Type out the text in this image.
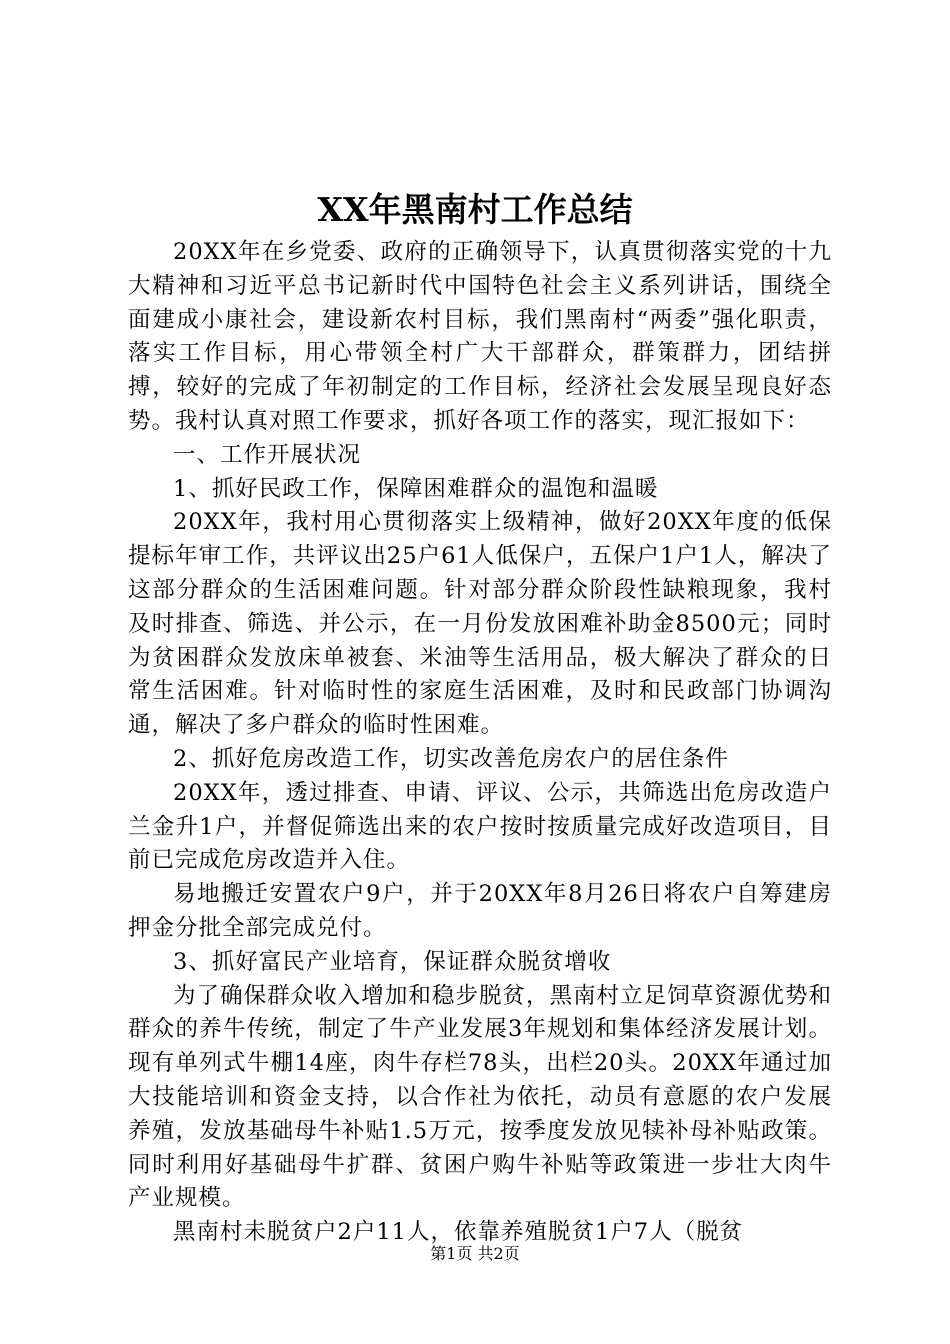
XX年黑南村工作总结

20XX年在乡党委、政府的正确领导下，认真贯彻落实党的十九大精神和习近平总书记新时代中国特色社会主义系列讲话，围绕全面建成小康社会，建设新农村目标，我们黑南村“两委”强化职责，落实工作目标，用心带领全村广大干部群众，群策群力，团结拼搏，较好的完成了年初制定的工作目标，经济社会发展呈现良好态势。我村认真对照工作要求，抓好各项工作的落实，现汇报如下：

一、工作开展状况

1、抓好民政工作，保障困难群众的温饱和温暖

20XX年，我村用心贯彻落实上级精神，做好20XX年度的低保提标年审工作，共评议出25户61人低保户，五保户1户1人，解决了这部分群众的生活困难问题。针对部分群众阶段性缺粮现象，我村及时排查、筛选、并公示，在一月份发放困难补助金8500元；同时为贫困群众发放床单被套、米油等生活用品，极大解决了群众的日常生活困难。针对临时性的家庭生活困难，及时和民政部门协调沟通，解决了多户群众的临时性困难。

2、抓好危房改造工作，切实改善危房农户的居住条件

20XX年，透过排查、申请、评议、公示，共筛选出危房改造户兰金升1户，并督促筛选出来的农户按时按质量完成好改造项目，目前已完成危房改造并入住。

易地搬迁安置农户9户，并于20XX年8月26日将农户自筹建房押金分批全部完成兑付。

3、抓好富民产业培育，保证群众脱贫增收

为了确保群众收入增加和稳步脱贫，黑南村立足饲草资源优势和群众的养牛传统，制定了牛产业发展3年规划和集体经济发展计划。现有单列式牛棚14座，肉牛存栏78头，出栏20头。20XX年通过加大技能培训和资金支持，以合作社为依托，动员有意愿的农户发展养殖，发放基础母牛补贴1.5万元，按季度发放见犊补母补贴政策。同时利用好基础母牛扩群、贫困户购牛补贴等政策进一步壮大肉牛产业规模。

黑南村未脱贫户2户11人，依靠养殖脱贫1户7人（脱贫

第1页 共2页
